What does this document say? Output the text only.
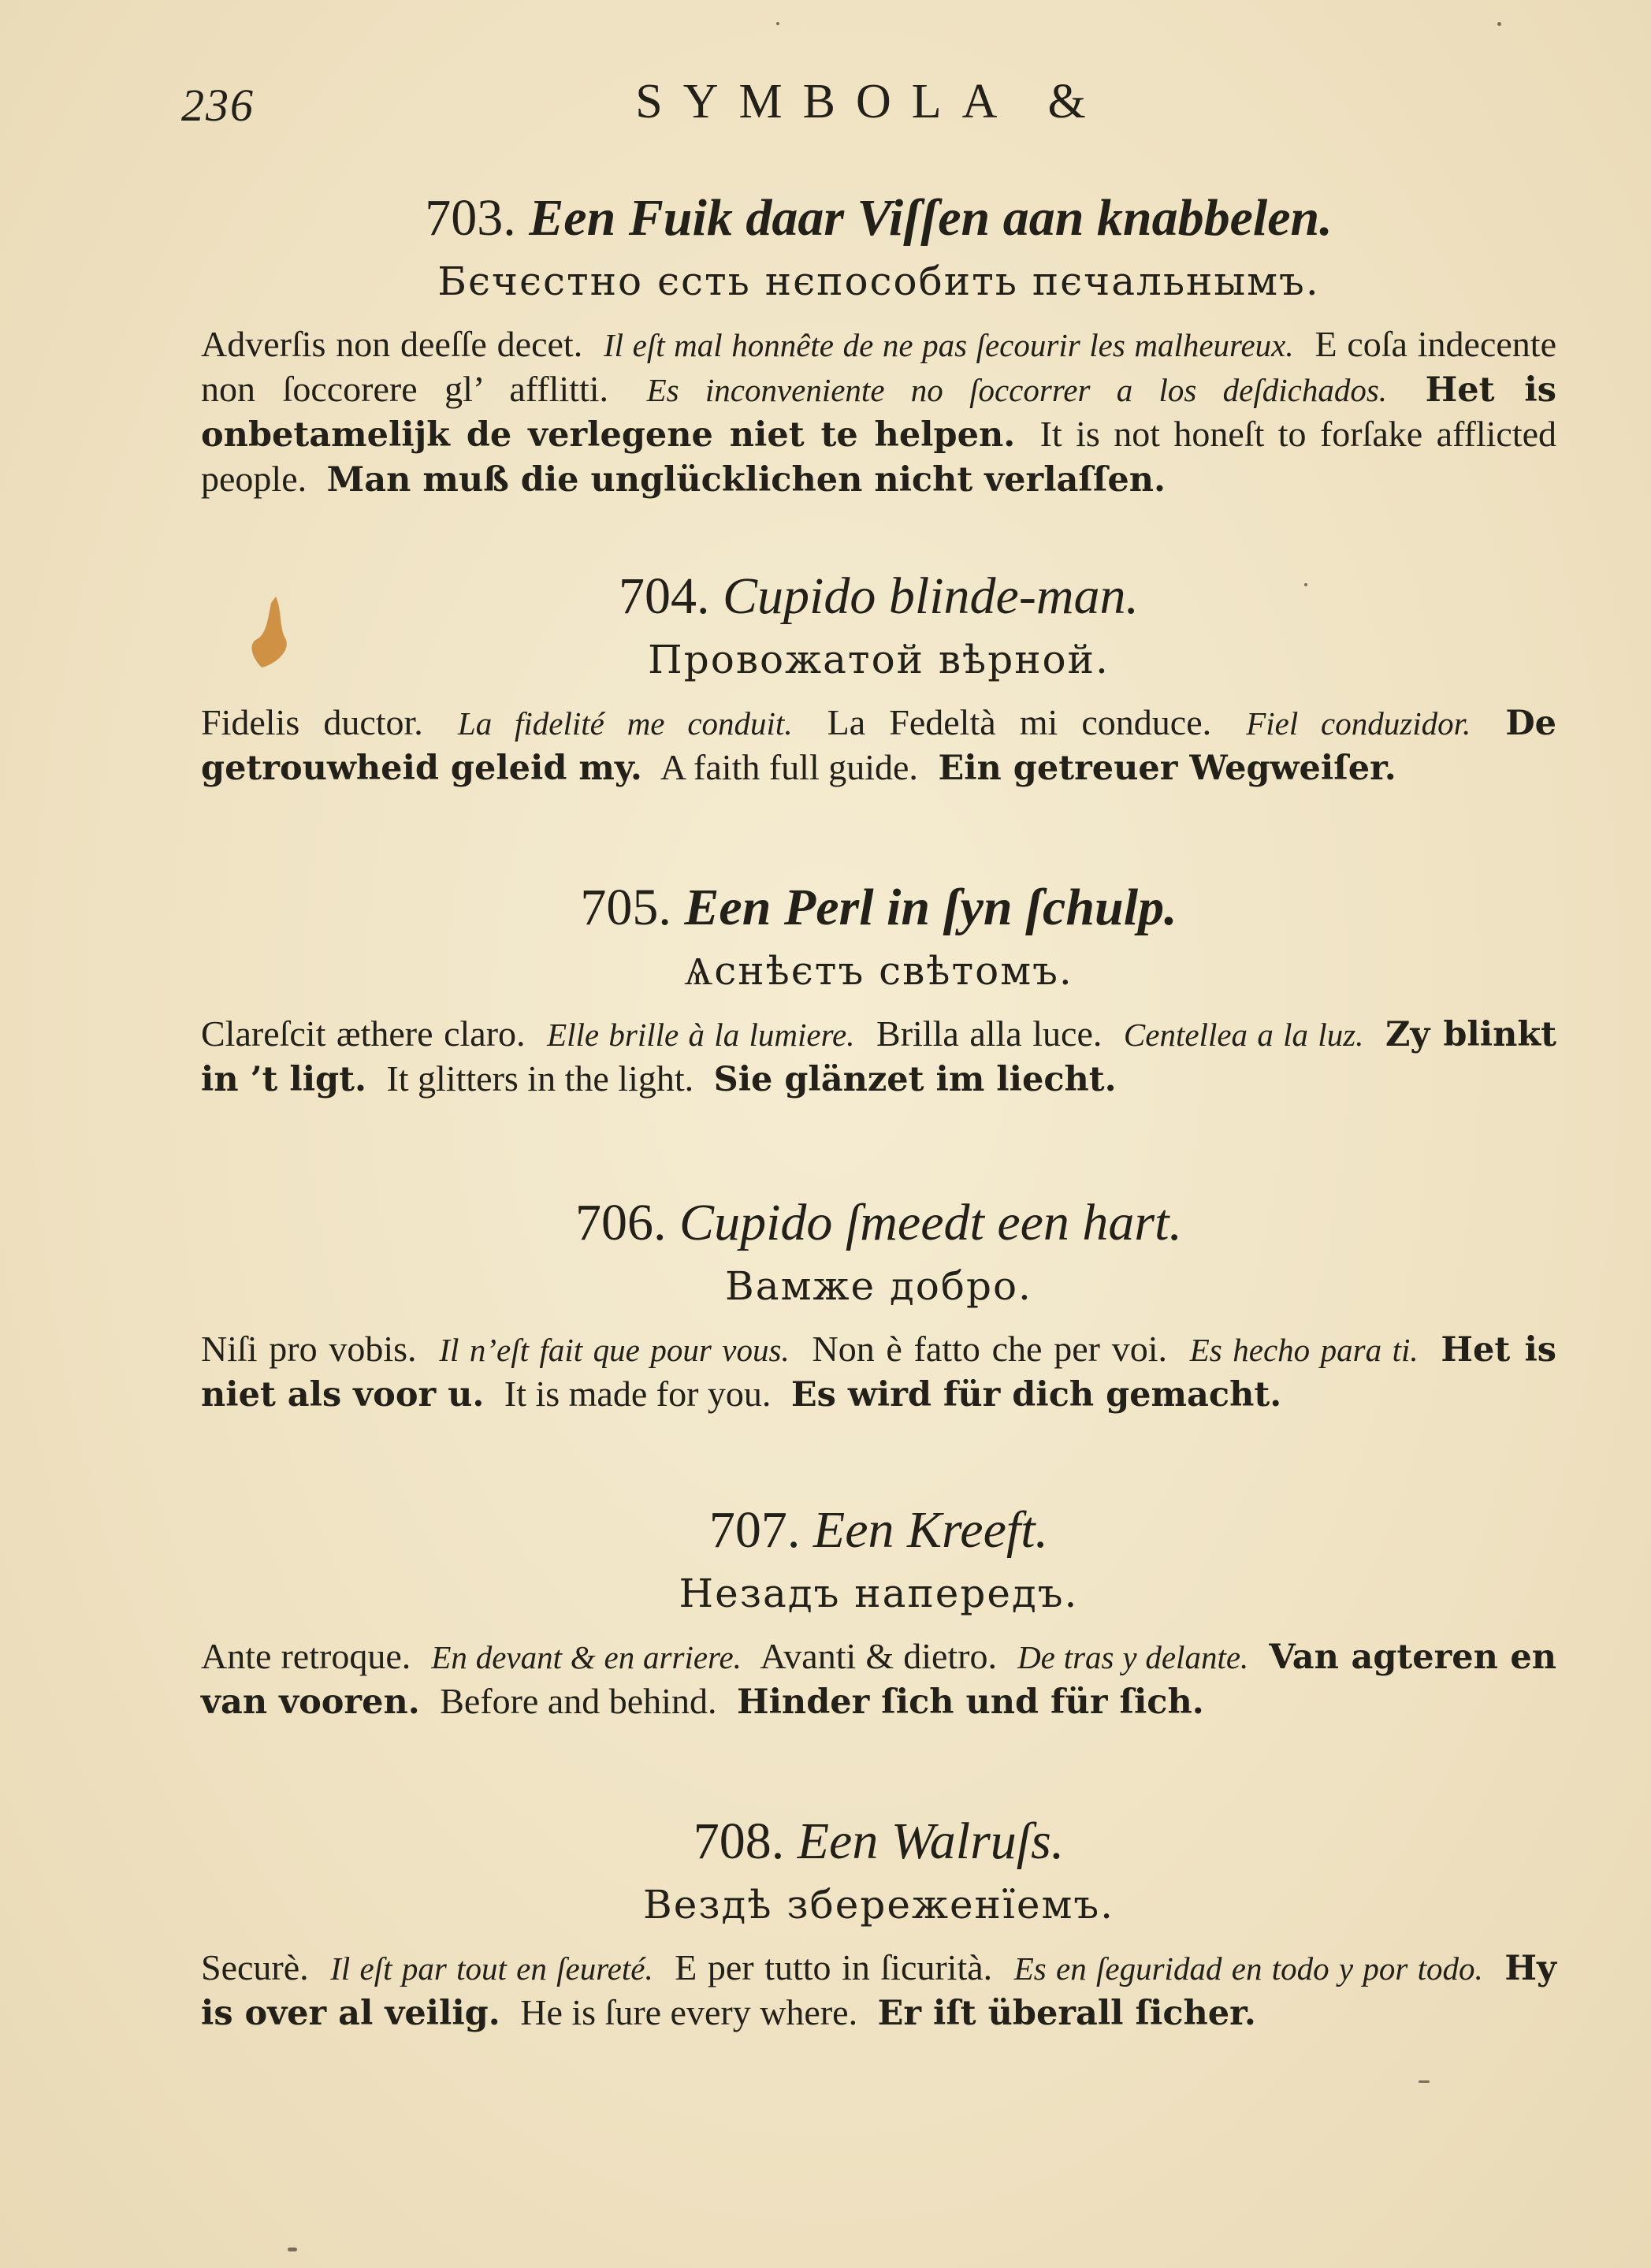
236	SYMBOLA &
703. Een Fuik daar Viſſen aan knabbelen.
Бєчєстно єсть нєпособить пєчальнымъ.
Adverſis non deeſſe decet. Il eſt mal honnête de ne pas ſecourir les malheureux. E coſa indecente non ſoccorere gl’ afflitti. Es inconveniente no ſoccorrer a los deſdichados. Het is onbetamelijk de verlegene niet te helpen. It is not honeſt to forſake afflicted people. Man muß die unglücklichen nicht verlaſſen.
704. Cupido blinde-man.
Провожатой вѣрной.
Fidelis ductor. La fidelité me conduit. La Fedeltà mi conduce. Fiel conduzidor. De getrouwheid geleid my. A faith full guide. Ein getreuer Wegweiſer.
705. Een Perl in ſyn ſchulp.
Ѧснѣєтъ свѣтомъ.
Clareſcit æthere claro. Elle brille à la lumiere. Brilla alla luce. Centellea a la luz. Zy blinkt in ’t ligt. It glitters in the light. Sie glänzet im liecht.
706. Cupido ſmeedt een hart.
Вамже добро.
Niſi pro vobis. Il n’eſt fait que pour vous. Non è fatto che per voi. Es hecho para ti. Het is niet als voor u. It is made for you. Es wird für dich gemacht.
707. Een Kreeft.
Незадъ напередъ.
Ante retroque. En devant & en arriere. Avanti & dietro. De tras y delante. Van agteren en van vooren. Before and behind. Hinder ſich und für ſich.
708. Een Walruſs.
Вездѣ збереженїемъ.
Securè. Il eſt par tout en ſeureté. E per tutto in ſicurità. Es en ſeguridad en todo y por todo. Hy is over al veilig. He is ſure every where. Er iſt überall ſicher.
